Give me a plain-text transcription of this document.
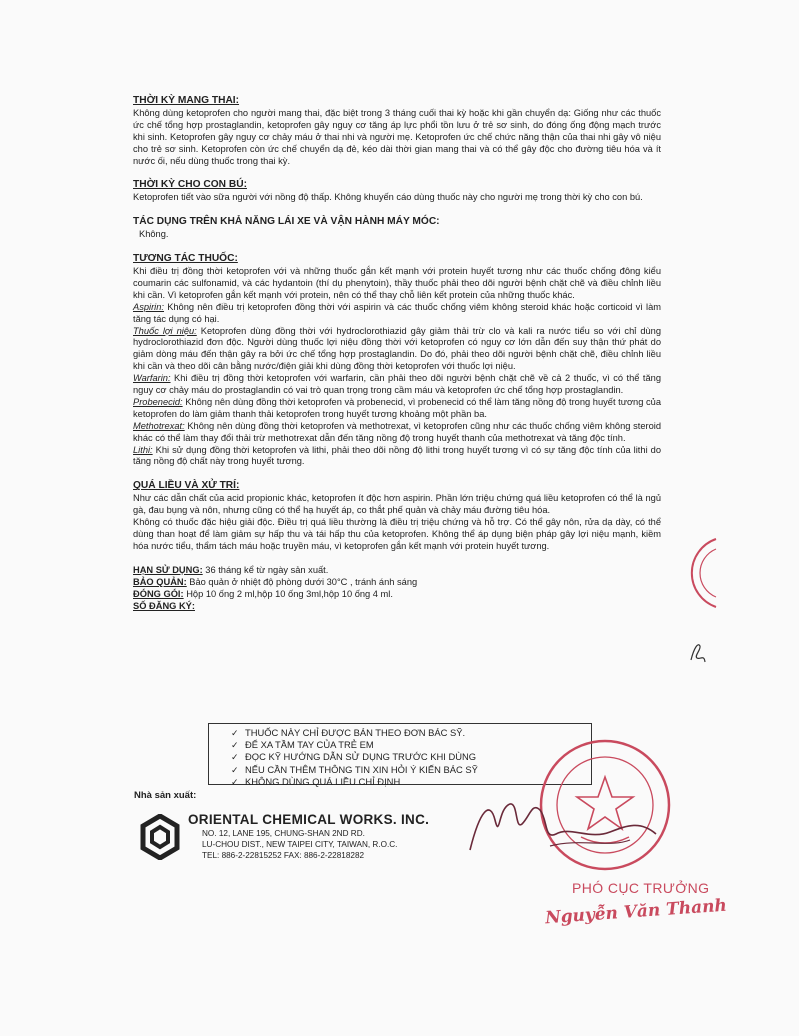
THỜI KỲ MANG THAI:

Không dùng ketoprofen cho người mang thai, đặc biệt trong 3 tháng cuối thai kỳ hoặc khi gần chuyển dạ: Giống như các thuốc ức chế tổng hợp prostaglandin, ketoprofen gây nguy cơ tăng áp lực phổi tồn lưu ở trẻ sơ sinh, do đóng ống động mạch trước khi sinh. Ketoprofen gây nguy cơ chảy máu ở thai nhi và người mẹ. Ketoprofen ức chế chức năng thận của thai nhi gây vô niệu cho trẻ sơ sinh. Ketoprofen còn ức chế chuyển dạ đẻ, kéo dài thời gian mang thai và có thể gây độc cho đường tiêu hóa và ít nước ối, nếu dùng thuốc trong thai kỳ.

THỜI KỲ CHO CON BÚ:

Ketoprofen tiết vào sữa người với nồng độ thấp. Không khuyến cáo dùng thuốc này cho người mẹ trong thời kỳ cho con bú.

TÁC DỤNG TRÊN KHẢ NĂNG LÁI XE VÀ VẬN HÀNH MÁY MÓC:

Không.

TƯƠNG TÁC THUỐC:

Khi điều trị đồng thời ketoprofen với và những thuốc gắn kết mạnh với protein huyết tương như các thuốc chống đông kiểu coumarin các sulfonamid, và các hydantoin (thí dụ phenytoin), thầy thuốc phải theo dõi người bệnh chặt chẽ và điều chỉnh liều khi cần. Vì ketoprofen gắn kết mạnh với protein, nên có thể thay chỗ liên kết protein của những thuốc khác.

Aspirin: Không nên điều trị ketoprofen đồng thời với aspirin và các thuốc chống viêm không steroid khác hoặc corticoid vì làm tăng tác dụng có hại.

Thuốc lợi niệu: Ketoprofen dùng đồng thời với hydroclorothiazid gây giảm thải trừ clo và kali ra nước tiểu so với chỉ dùng hydroclorothiazid đơn độc. Người dùng thuốc lợi niệu đồng thời với ketoprofen có nguy cơ lớn dẫn đến suy thận thứ phát do giảm dòng máu đến thận gây ra bởi ức chế tổng hợp prostaglandin. Do đó, phải theo dõi người bệnh chặt chẽ, điều chỉnh liều khi cần và theo dõi cân bằng nước/điện giải khi dùng đồng thời ketoprofen với thuốc lợi niệu.

Warfarin: Khi điều trị đồng thời ketoprofen với warfarin, cần phải theo dõi người bệnh chặt chẽ về cả 2 thuốc, vì có thể tăng nguy cơ chảy máu do prostaglandin có vai trò quan trọng trong cầm máu và ketoprofen ức chế tổng hợp prostaglandin.

Probenecid: Không nên dùng đồng thời ketoprofen và probenecid, vì probenecid có thể làm tăng nồng độ trong huyết tương của ketoprofen do làm giảm thanh thải ketoprofen trong huyết tương khoảng một phần ba.

Methotrexat: Không nên dùng đồng thời ketoprofen và methotrexat, vì ketoprofen cũng như các thuốc chống viêm không steroid khác có thể làm thay đổi thải trừ methotrexat dẫn đến tăng nồng độ trong huyết thanh của methotrexat và tăng độc tính.

Lithi: Khi sử dụng đồng thời ketoprofen và lithi, phải theo dõi nồng độ lithi trong huyết tương vì có sự tăng độc tính của lithi do tăng nồng độ chất này trong huyết tương.

QUÁ LIỀU VÀ XỬ TRÍ:

Như các dẫn chất của acid propionic khác, ketoprofen ít độc hơn aspirin. Phần lớn triệu chứng quá liều ketoprofen có thể là ngủ gà, đau bụng và nôn, nhưng cũng có thể hạ huyết áp, co thắt phế quản và chảy máu đường tiêu hóa.

Không có thuốc đặc hiệu giải độc. Điều trị quá liều thường là điều trị triệu chứng và hỗ trợ. Có thể gây nôn, rửa dạ dày, có thể dùng than hoạt để làm giảm sự hấp thu và tái hấp thu của ketoprofen. Không thể áp dụng biện pháp gây lợi niệu mạnh, kiềm hóa nước tiểu, thẩm tách máu hoặc truyền máu, vì ketoprofen gắn kết mạnh với protein huyết tương.

HẠN SỬ DỤNG: 36 tháng kể từ ngày sản xuất.

BẢO QUẢN: Bảo quản ở nhiệt độ phòng dưới 30°C , tránh ánh sáng

ĐÓNG GÓI: Hộp 10 ống 2 ml,hộp 10 ống 3ml,hộp 10 ống 4 ml.

SỐ ĐĂNG KÝ:

✓ THUỐC NÀY CHỈ ĐƯỢC BÁN THEO ĐƠN BÁC SỸ.
✓ ĐỂ XA TẦM TAY CỦA TRẺ EM
✓ ĐỌC KỸ HƯỚNG DẪN SỬ DỤNG TRƯỚC KHI DÙNG
✓ NẾU CẦN THÊM THÔNG TIN XIN HỎI Ý KIẾN BÁC SỸ
✓ KHÔNG DÙNG QUÁ LIỀU CHỈ ĐỊNH
Nhà sản xuất:
ORIENTAL CHEMICAL WORKS. INC.
NO. 12, LANE 195, CHUNG-SHAN 2ND RD.
LU-CHOU DIST., NEW TAIPEI CITY, TAIWAN, R.O.C.
TEL: 886-2-22815252 FAX: 886-2-22818282
PHÓ CỤC TRƯỞNG
Nguyễn Văn Thanh
